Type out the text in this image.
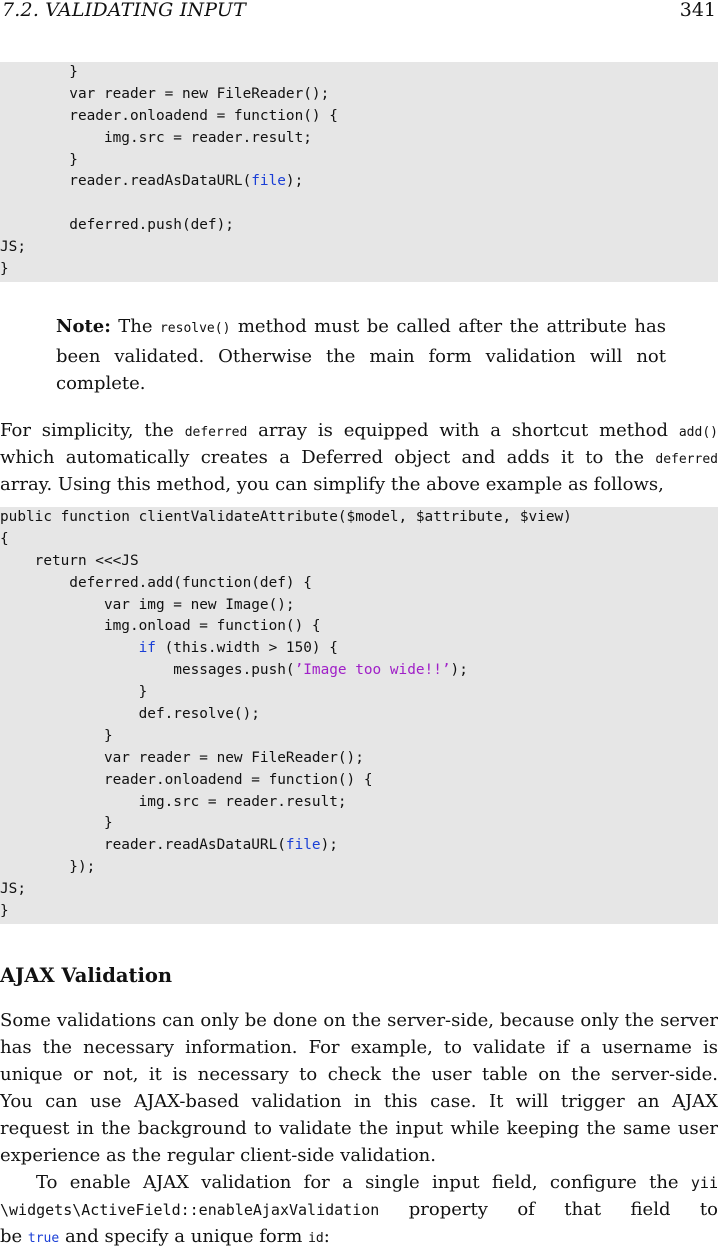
7.2. VALIDATING INPUT	341
}
var reader = new FileReader();
reader.onloadend = function() {
img.src = reader.result;
}
reader.readAsDataURL(file);

deferred.push(def);
JS;
}
Note: The resolve() method must be called after the attribute has been validated. Otherwise the main form validation will not complete.
For simplicity, the deferred array is equipped with a shortcut method add()
which automatically creates a Deferred object and adds it to the deferred
array. Using this method, you can simplify the above example as follows,
public function clientValidateAttribute($model, $attribute, $view)
{
return <<<JS
deferred.add(function(def) {
var img = new Image();
img.onload = function() {
if (this.width > 150) {
messages.push(’Image too wide!!’);
}
def.resolve();
}
var reader = new FileReader();
reader.onloadend = function() {
img.src = reader.result;
}
reader.readAsDataURL(file);
});
JS;
}
AJAX Validation
Some validations can only be done on the server-side, because only the server
has the necessary information. For example, to validate if a username is
unique or not, it is necessary to check the user table on the server-side.
You can use AJAX-based validation in this case. It will trigger an AJAX
request in the background to validate the input while keeping the same user
experience as the regular client-side validation.
To enable AJAX validation for a single input field, configure the yii
\widgets\ActiveField::enableAjaxValidation property of that field to
be true and specify a unique form id:
